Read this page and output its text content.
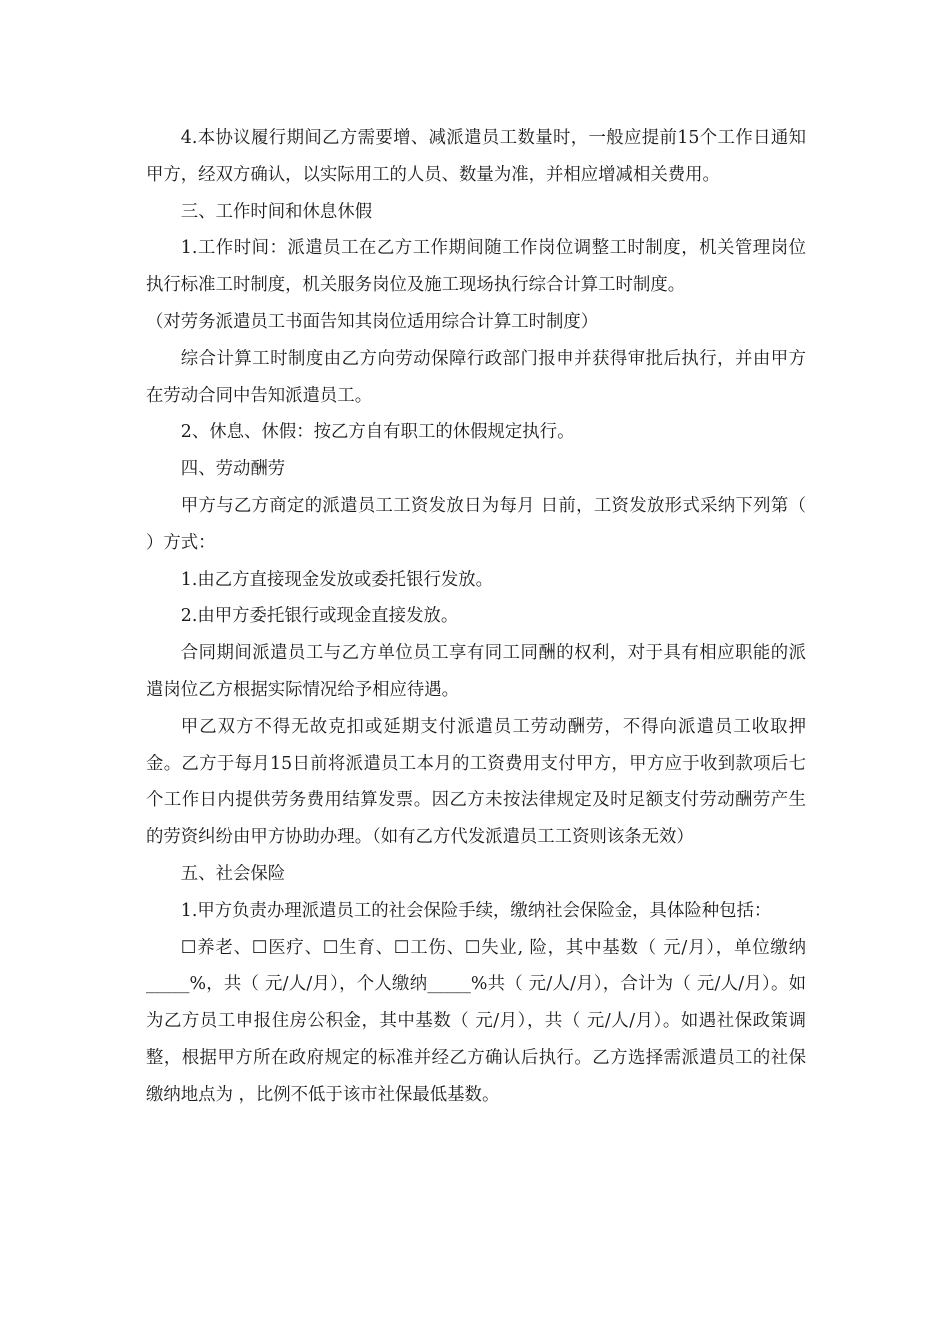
4.本协议履行期间乙方需要增、减派遣员工数量时，一般应提前15个工作日通知甲方，经双方确认，以实际用工的人员、数量为准，并相应增减相关费用。

三、工作时间和休息休假

1.工作时间：派遣员工在乙方工作期间随工作岗位调整工时制度，机关管理岗位执行标准工时制度，机关服务岗位及施工现场执行综合计算工时制度。

（对劳务派遣员工书面告知其岗位适用综合计算工时制度）

综合计算工时制度由乙方向劳动保障行政部门报申并获得审批后执行，并由甲方在劳动合同中告知派遣员工。

2、休息、休假：按乙方自有职工的休假规定执行。

四、劳动酬劳

甲方与乙方商定的派遣员工工资发放日为每月 日前，工资发放形式采纳下列第（ ）方式：

1.由乙方直接现金发放或委托银行发放。

2.由甲方委托银行或现金直接发放。

合同期间派遣员工与乙方单位员工享有同工同酬的权利，对于具有相应职能的派遣岗位乙方根据实际情况给予相应待遇。

甲乙双方不得无故克扣或延期支付派遣员工劳动酬劳，不得向派遣员工收取押金。乙方于每月15日前将派遣员工本月的工资费用支付甲方，甲方应于收到款项后七个工作日内提供劳务费用结算发票。因乙方未按法律规定及时足额支付劳动酬劳产生的劳资纠纷由甲方协助办理。（如有乙方代发派遣员工工资则该条无效）

五、社会保险

1.甲方负责办理派遣员工的社会保险手续，缴纳社会保险金，具体险种包括：

☐养老、☐医疗、☐生育、☐工伤、☐失业, 险，其中基数（ 元/月），单位缴纳_____%，共（ 元/人/月），个人缴纳_____%共（ 元/人/月），合计为（ 元/人/月）。如为乙方员工申报住房公积金，其中基数（ 元/月），共（ 元/人/月）。如遇社保政策调整，根据甲方所在政府规定的标准并经乙方确认后执行。乙方选择需派遣员工的社保缴纳地点为 ，比例不低于该市社保最低基数。
